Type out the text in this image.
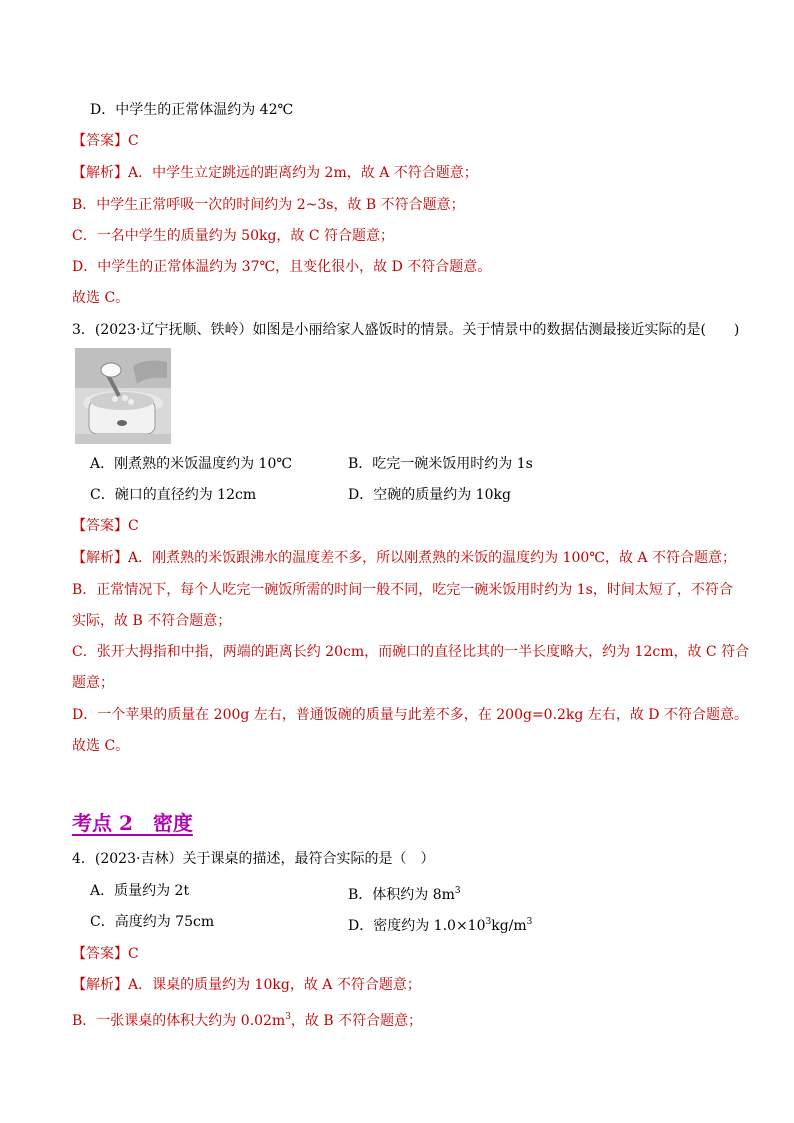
D．中学生的正常体温约为 42℃
【答案】C
【解析】A．中学生立定跳远的距离约为 2m，故 A 不符合题意；
B．中学生正常呼吸一次的时间约为 2~3s，故 B 不符合题意；
C．一名中学生的质量约为 50kg，故 C 符合题意；
D．中学生的正常体温约为 37℃，且变化很小，故 D 不符合题意。
故选 C。
3．(2023·辽宁抚顺、铁岭）如图是小丽给家人盛饭时的情景。关于情景中的数据估测最接近实际的是(　　)
A．刚煮熟的米饭温度约为 10℃	B．吃完一碗米饭用时约为 1s
C．碗口的直径约为 12cm	D．空碗的质量约为 10kg
【答案】C
【解析】A．刚煮熟的米饭跟沸水的温度差不多，所以刚煮熟的米饭的温度约为 100℃，故 A 不符合题意；
B．正常情况下，每个人吃完一碗饭所需的时间一般不同，吃完一碗米饭用时约为 1s，时间太短了，不符合
实际，故 B 不符合题意；
C．张开大拇指和中指，两端的距离长约 20cm，而碗口的直径比其的一半长度略大，约为 12cm，故 C 符合
题意；
D．一个苹果的质量在 200g 左右，普通饭碗的质量与此差不多，在 200g=0.2kg 左右，故 D 不符合题意。
故选 C。
考点 2　密度
4．(2023·吉林）关于课桌的描述，最符合实际的是（　）
A．质量约为 2t	B．体积约为 $8m^3$
C．高度约为 75cm	D．密度约为 $1.0\times 10^3kg/m^3$
【答案】C
【解析】A．课桌的质量约为 10kg，故 A 不符合题意；
B．一张课桌的体积大约为 $0.02m^3$，故 B 不符合题意；
